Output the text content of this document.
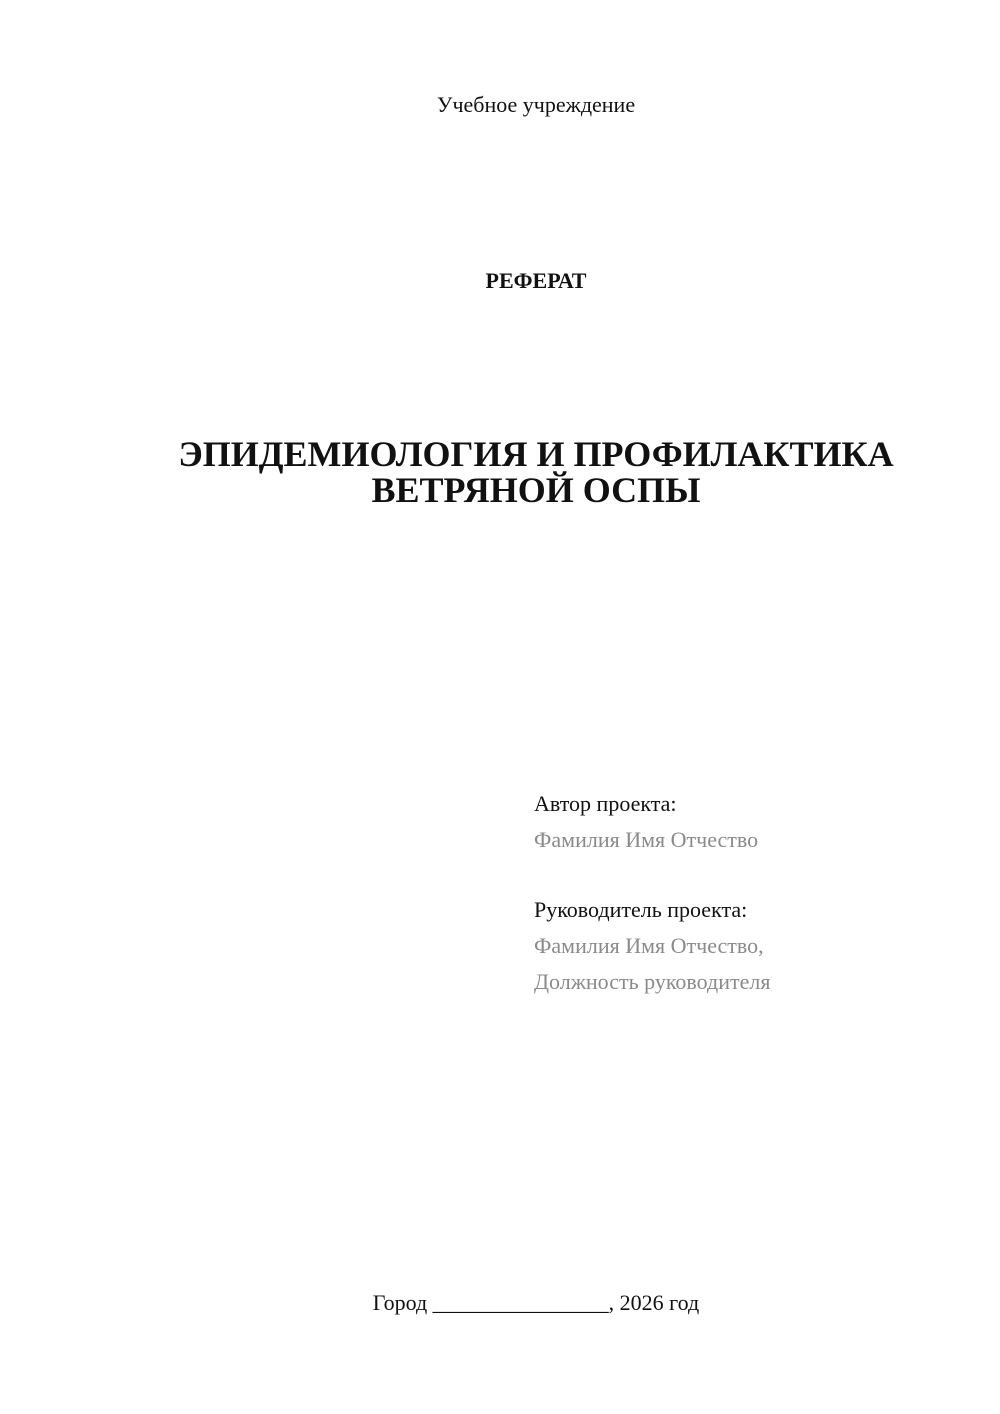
Учебное учреждение
РЕФЕРАТ
ЭПИДЕМИОЛОГИЯ И ПРОФИЛАКТИКА
ВЕТРЯНОЙ ОСПЫ
Автор проекта:
Фамилия Имя Отчество
Руководитель проекта:
Фамилия Имя Отчество,
Должность руководителя
Город ________________, 2026 год
